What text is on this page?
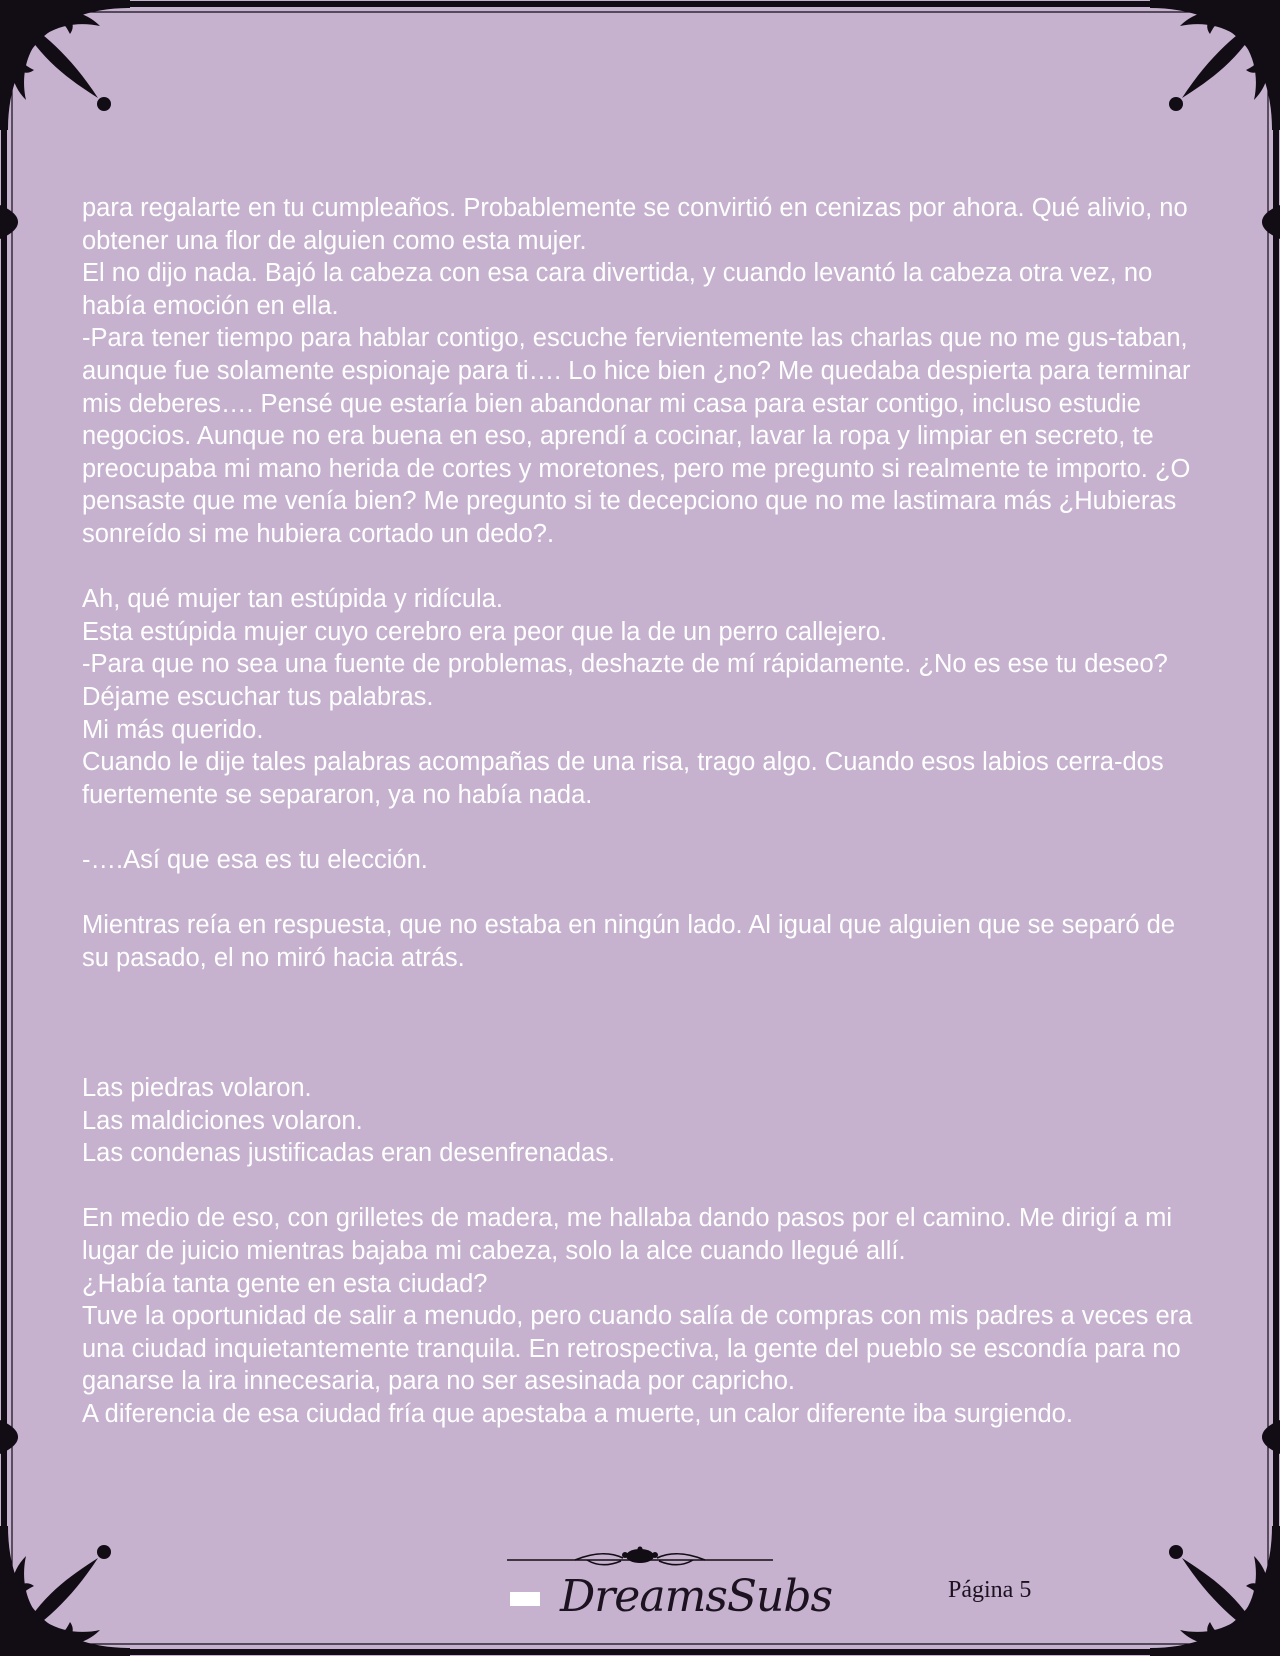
para regalarte en tu cumpleaños. Probablemente se convirtió en cenizas por ahora. Qué alivio, no obtener una flor de alguien como esta mujer.

El no dijo nada. Bajó la cabeza con esa cara divertida, y cuando levantó la cabeza otra vez, no había emoción en ella.

-Para tener tiempo para hablar contigo, escuche fervientemente las charlas que no me gus-taban, aunque fue solamente espionaje para ti…. Lo hice bien ¿no? Me quedaba despierta para terminar mis deberes…. Pensé que estaría bien abandonar mi casa para estar contigo, incluso estudie negocios. Aunque no era buena en eso, aprendí a cocinar, lavar la ropa y limpiar en secreto, te preocupaba mi mano herida de cortes y moretones, pero me pregunto si realmente te importo. ¿O pensaste que me venía bien? Me pregunto si te decepciono que no me lastimara más ¿Hubieras sonreído si me hubiera cortado un dedo?.

Ah, qué mujer tan estúpida y ridícula.

Esta estúpida mujer cuyo cerebro era peor que la de un perro callejero.

-Para que no sea una fuente de problemas, deshazte de mí rápidamente. ¿No es ese tu deseo? Déjame escuchar tus palabras.

Mi más querido.

Cuando le dije tales palabras acompañas de una risa, trago algo. Cuando esos labios cerra-dos fuertemente se separaron, ya no había nada.

-….Así que esa es tu elección.

Mientras reía en respuesta, que no estaba en ningún lado. Al igual que alguien que se separó de su pasado, el no miró hacia atrás.

Las piedras volaron.

Las maldiciones volaron.

Las condenas justificadas eran desenfrenadas.

En medio de eso, con grilletes de madera, me hallaba dando pasos por el camino. Me dirigí a mi lugar de juicio mientras bajaba mi cabeza, solo la alce cuando llegué allí.

¿Había tanta gente en esta ciudad?

Tuve la oportunidad de salir a menudo, pero cuando salía de compras con mis padres a veces era una ciudad inquietantemente tranquila. En retrospectiva, la gente del pueblo se escondía para no ganarse la ira innecesaria, para no ser asesinada por capricho.

A diferencia de esa ciudad fría que apestaba a muerte, un calor diferente iba surgiendo.

DreamsSubs	Página 5
